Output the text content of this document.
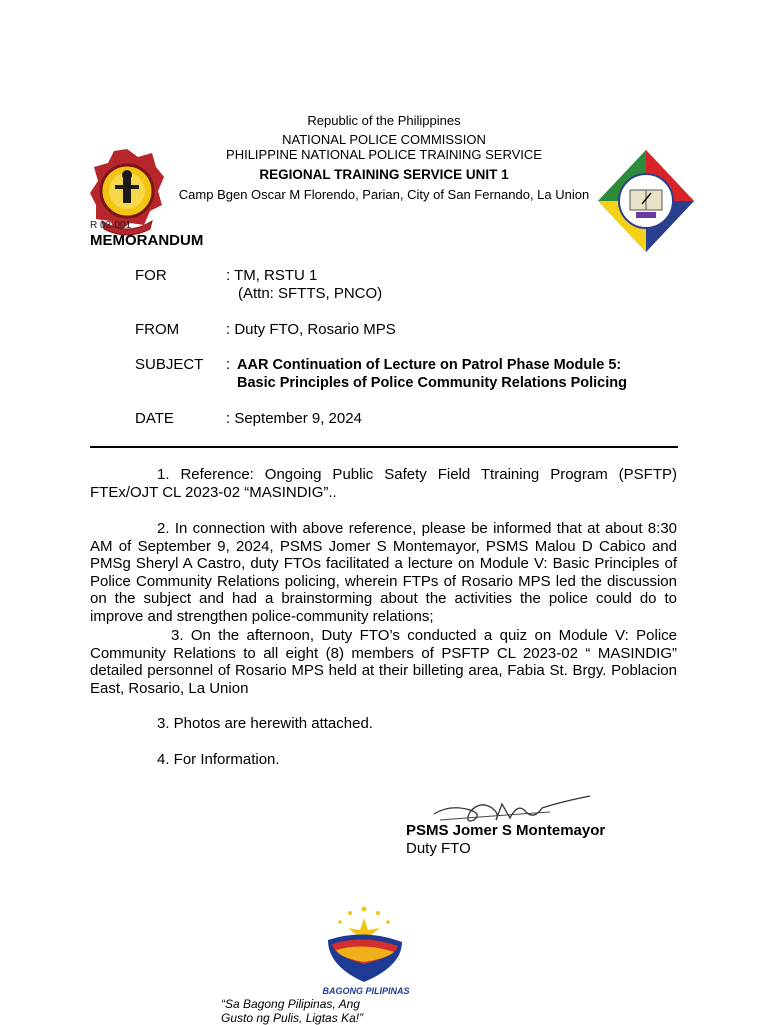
Republic of the Philippines
NATIONAL POLICE COMMISSION
PHILIPPINE NATIONAL POLICE TRAINING SERVICE
REGIONAL TRAINING SERVICE UNIT 1
Camp Bgen Oscar M Florendo, Parian, City of San Fernando, La Union
R 02-001
MEMORANDUM
FOR	: TM, RSTU 1
(Attn: SFTTS, PNCO)
FROM	: Duty FTO, Rosario MPS
SUBJECT : AAR Continuation of Lecture on Patrol Phase Module 5:
Basic Principles of Police Community Relations Policing
DATE	: September 9, 2024
1. Reference: Ongoing Public Safety Field Ttraining Program (PSFTP)
FTEx/OJT CL 2023-02 “MASINDIG”..
2. In connection with above reference, please be informed that at about 8:30
AM of September 9, 2024, PSMS Jomer S Montemayor, PSMS Malou D Cabico and PMSg Sheryl A Castro, duty FTOs facilitated a lecture on Module V: Basic Principles of Police Community Relations policing, wherein FTPs of Rosario MPS led the discussion on the subject and had a brainstorming about the activities the police could do to improve and strengthen police-community relations;
3. On the afternoon, Duty FTO’s conducted a quiz on Module V: Police
Community Relations to all eight (8) members of PSFTP CL 2023-02 “ MASINDIG” detailed personnel of Rosario MPS held at their billeting area, Fabia St. Brgy. Poblacion East, Rosario, La Union
3. Photos are herewith attached.
4. For Information.
PSMS Jomer S Montemayor
Duty FTO
BAGONG PILIPINAS
“Sa Bagong Pilipinas, Ang
Gusto ng Pulis, Ligtas Ka!”
